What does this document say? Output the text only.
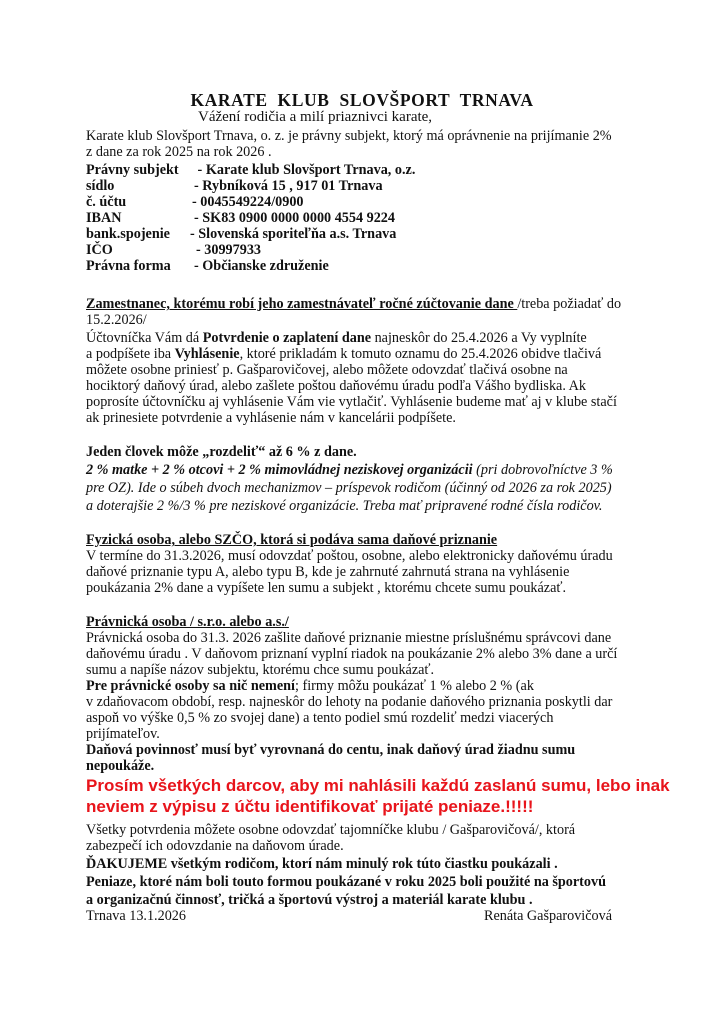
KARATE  KLUB  SLOVŠPORT  TRNAVA
Vážení rodičia a milí priaznivci karate,
Karate klub Slovšport Trnava, o. z. je právny subjekt, ktorý má oprávnenie na prijímanie 2%
z dane za rok 2025 na rok 2026 .
Právny subjekt - Karate klub Slovšport Trnava, o.z.
sídlo	- Rybníková 15 , 917 01 Trnava
č. účtu	- 0045549224/0900
IBAN	- SK83 0900 0000 0000 4554 9224
bank.spojenie - Slovenská sporiteľňa a.s. Trnava
IČO	- 30997933
Právna forma - Občianske združenie
Zamestnanec, ktorému robí jeho zamestnávateľ ročné zúčtovanie dane /treba požiadať do
15.2.2026/
Účtovníčka Vám dá Potvrdenie o zaplatení dane najneskôr do 25.4.2026 a Vy vyplníte
a podpíšete iba Vyhlásenie, ktoré prikladám k tomuto oznamu do 25.4.2026 obidve tlačivá
môžete osobne priniesť p. Gašparovičovej, alebo môžete odovzdať tlačivá osobne na
hociktorý daňový úrad, alebo zašlete poštou daňovému úradu podľa Vášho bydliska. Ak
poprosíte účtovníčku aj vyhlásenie Vám vie vytlačiť. Vyhlásenie budeme mať aj v klube stačí
ak prinesiete potvrdenie a vyhlásenie nám v kancelárii podpíšete.
Jeden človek môže „rozdeliť“ až 6 % z dane.
2 % matke + 2 % otcovi + 2 % mimovládnej neziskovej organizácii (pri dobrovoľníctve 3 %
pre OZ). Ide o súbeh dvoch mechanizmov – príspevok rodičom (účinný od 2026 za rok 2025)
a doterajšie 2 %/3 % pre neziskové organizácie. Treba mať pripravené rodné čísla rodičov.
Fyzická osoba, alebo SZČO, ktorá si podáva sama daňové priznanie
V termíne do 31.3.2026, musí odovzdať poštou, osobne, alebo elektronicky daňovému úradu
daňové priznanie typu A, alebo typu B, kde je zahrnuté zahrnutá strana na vyhlásenie
poukázania 2% dane a vypíšete len sumu a subjekt , ktorému chcete sumu poukázať.
Právnická osoba / s.r.o. alebo a.s./
Právnická osoba do 31.3. 2026 zašlite daňové priznanie miestne príslušnému správcovi dane
daňovému úradu . V daňovom priznaní vyplní riadok na poukázanie 2% alebo 3% dane a určí
sumu a napíše názov subjektu, ktorému chce sumu poukázať.
Pre právnické osoby sa nič nemení; firmy môžu poukázať 1 % alebo 2 % (ak
v zdaňovacom období, resp. najneskôr do lehoty na podanie daňového priznania poskytli dar
aspoň vo výške 0,5 % zo svojej dane) a tento podiel smú rozdeliť medzi viacerých
prijímateľov.
Daňová povinnosť musí byť vyrovnaná do centu, inak daňový úrad žiadnu sumu
nepoukáže.
Prosím všetkých darcov, aby mi nahlásili každú zaslanú sumu, lebo inak
neviem z výpisu z účtu identifikovať prijaté peniaze.!!!!!
Všetky potvrdenia môžete osobne odovzdať tajomníčke klubu / Gašparovičová/, ktorá
zabezpečí ich odovzdanie na daňovom úrade.
ĎAKUJEME všetkým rodičom, ktorí nám minulý rok túto čiastku poukázali .
Peniaze, ktoré nám boli touto formou poukázané v roku 2025 boli použité na športovú
a organizačnú činnosť, tričká a športovú výstroj a materiál karate klubu .
Trnava 13.1.2026	Renáta Gašparovičová
